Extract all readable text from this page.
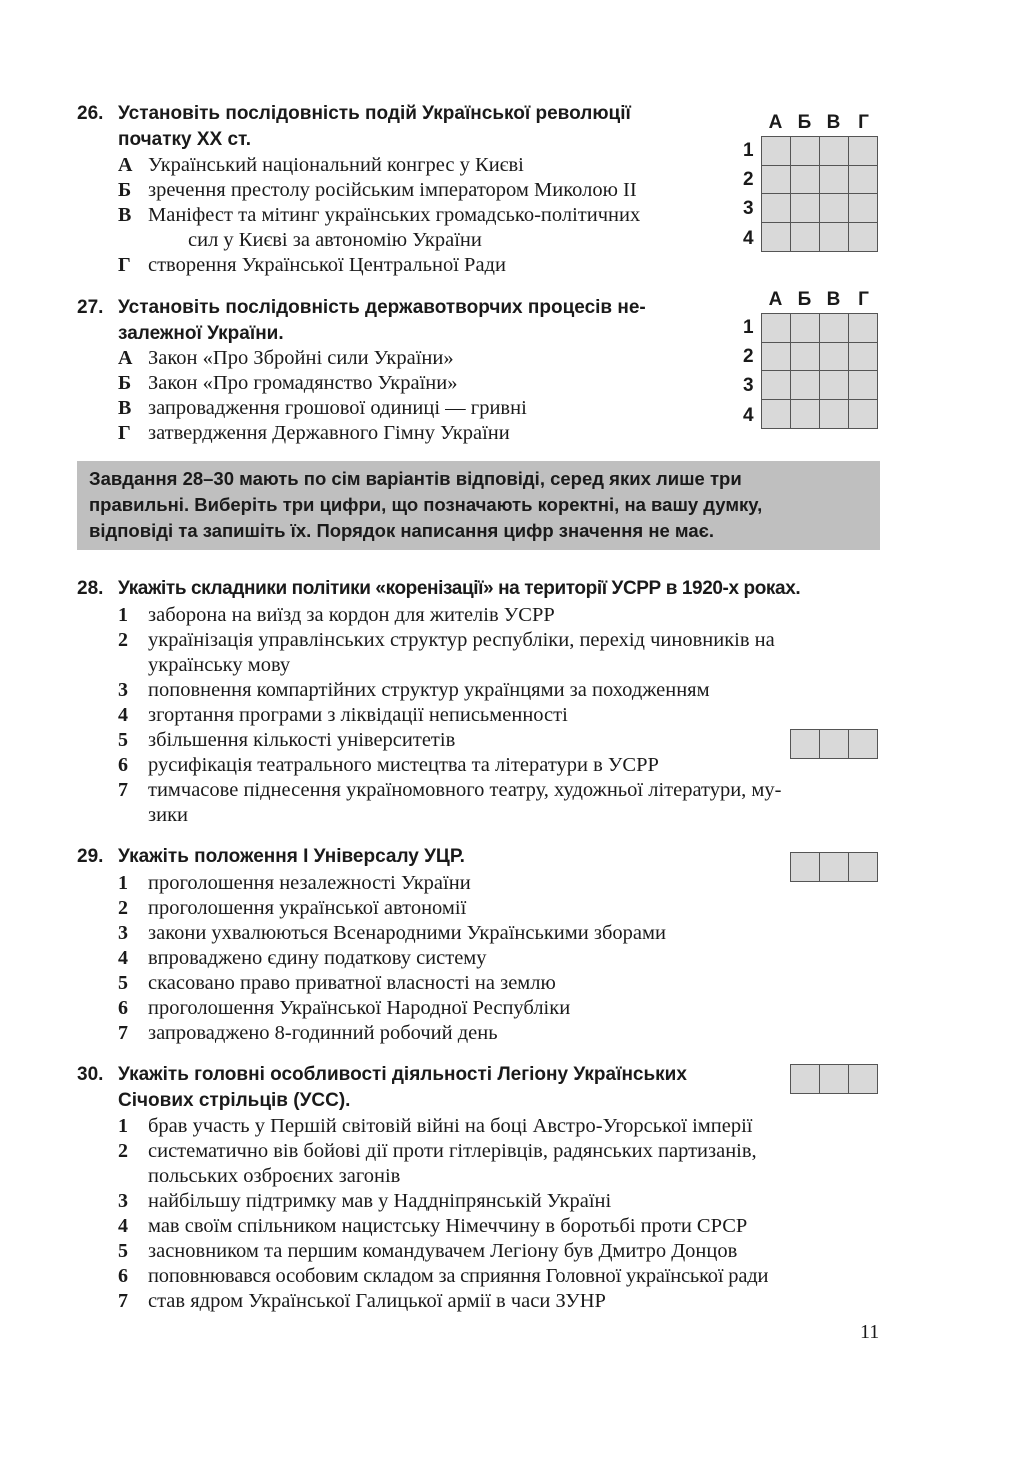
26. Установіть послідовність подій Української революції
початку XX ст.
А Український національний конгрес у Києві
Б зречення престолу російським імператором Миколою ІІ
В Маніфест та мітинг українських громадсько-політичних
сил у Києві за автономію України
Г створення Української Центральної Ради
А Б В Г
1
2
3
4
27. Установіть послідовність державотворчих процесів не-
залежної України.
А Закон «Про Збройні сили України»
Б Закон «Про громадянство України»
В запровадження грошової одиниці — гривні
Г затвердження Державного Гімну України
А Б В Г
1
2
3
4
Завдання 28–30 мають по сім варіантів відповіді, серед яких лише три
правильні. Виберіть три цифри, що позначають коректні, на вашу думку,
відповіді та запишіть їх. Порядок написання цифр значення не має.
28. Укажіть складники політики «коренізації» на території УСРР в 1920-х роках.
1 заборона на виїзд за кордон для жителів УСРР
2 українізація управлінських структур республіки, перехід чиновників на
українську мову
3 поповнення компартійних структур українцями за походженням
4 згортання програми з ліквідації неписьменності
5 збільшення кількості університетів
6 русифікація театрального мистецтва та літератури в УСРР
7 тимчасове піднесення україномовного театру, художньої літератури, му-
зики
29. Укажіть положення І Універсалу УЦР.
1 проголошення незалежності України
2 проголошення української автономії
3 закони ухвалюються Всенародними Українськими зборами
4 впроваджено єдину податкову систему
5 скасовано право приватної власності на землю
6 проголошення Української Народної Республіки
7 запроваджено 8-годинний робочий день
30. Укажіть головні особливості діяльності Легіону Українських
Січових стрільців (УСС).
1 брав участь у Першій світовій війні на боці Австро-Угорської імперії
2 систематично вів бойові дії проти гітлерівців, радянських партизанів,
польських озброєних загонів
3 найбільшу підтримку мав у Наддніпрянській Україні
4 мав своїм спільником нацистську Німеччину в боротьбі проти СРСР
5 засновником та першим командувачем Легіону був Дмитро Донцов
6 поповнювався особовим складом за сприяння Головної української ради
7 став ядром Української Галицької армії в часи ЗУНР
11
